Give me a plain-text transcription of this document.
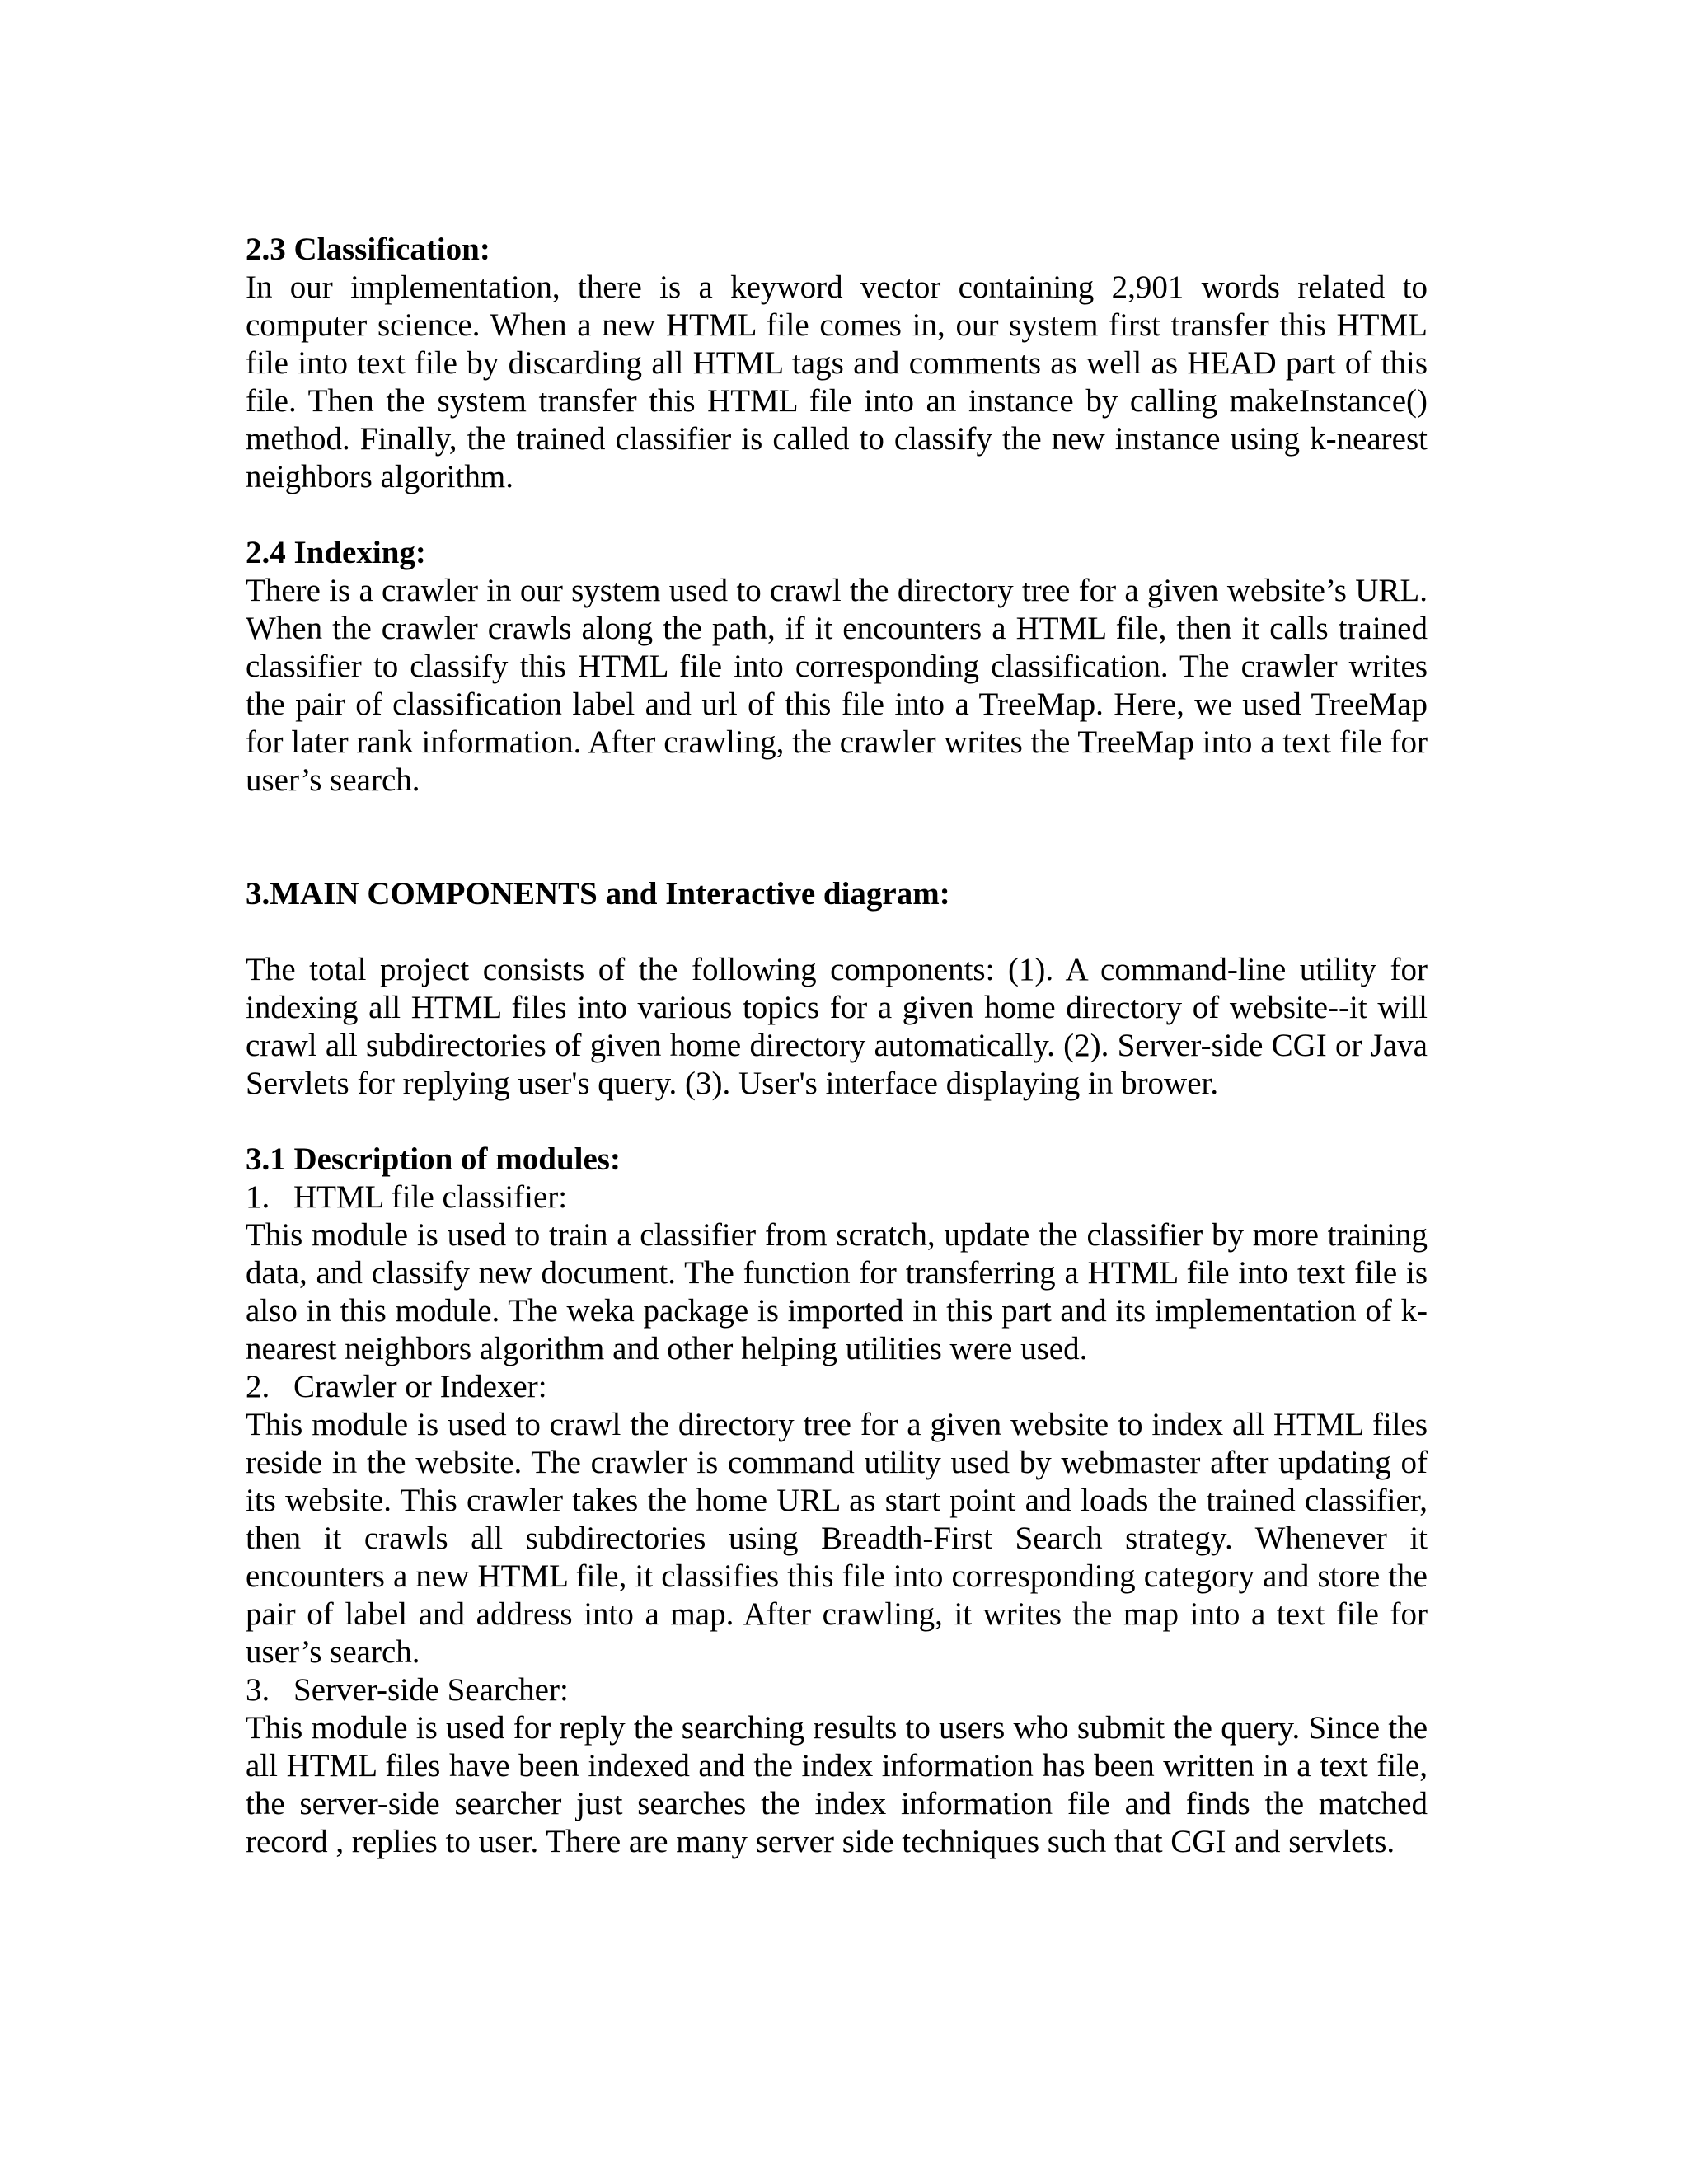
2.3 Classification:

In our implementation, there is a keyword vector containing 2,901 words related to computer science. When a new HTML file comes in, our system first transfer this HTML file into text file by discarding all HTML tags and comments as well as HEAD part of this file. Then the system transfer this HTML file into an instance by calling makeInstance() method. Finally, the trained classifier is called to classify the new instance using k-nearest neighbors algorithm.

2.4 Indexing:

There is a crawler in our system used to crawl the directory tree for a given website’s URL. When the crawler crawls along the path, if it encounters a HTML file, then it calls trained classifier to classify this HTML file into corresponding classification. The crawler writes the pair of classification label and url of this file into a TreeMap. Here, we used TreeMap for later rank information. After crawling, the crawler writes the TreeMap into a text file for user’s search.

3.MAIN COMPONENTS and Interactive diagram:

The total project consists of the following components: (1). A command-line utility for indexing all HTML files into various topics for a given home directory of website--it will crawl all subdirectories of given home directory automatically. (2). Server-side CGI or Java Servlets for replying user's query. (3). User's interface displaying in brower.

3.1 Description of modules:

1. HTML file classifier:

This module is used to train a classifier from scratch, update the classifier by more training data, and classify new document. The function for transferring a HTML file into text file is also in this module. The weka package is imported in this part and its implementation of k-nearest neighbors algorithm and other helping utilities were used.

2. Crawler or Indexer:

This module is used to crawl the directory tree for a given website to index all HTML files reside in the website. The crawler is command utility used by webmaster after updating of its website. This crawler takes the home URL as start point and loads the trained classifier, then it crawls all subdirectories using Breadth-First Search strategy. Whenever it encounters a new HTML file, it classifies this file into corresponding category and store the pair of label and address into a map. After crawling, it writes the map into a text file for user’s search.

3. Server-side Searcher:

This module is used for reply the searching results to users who submit the query. Since the all HTML files have been indexed and the index information has been written in a text file, the server-side searcher just searches the index information file and finds the matched record , replies to user. There are many server side techniques such that CGI and servlets.
